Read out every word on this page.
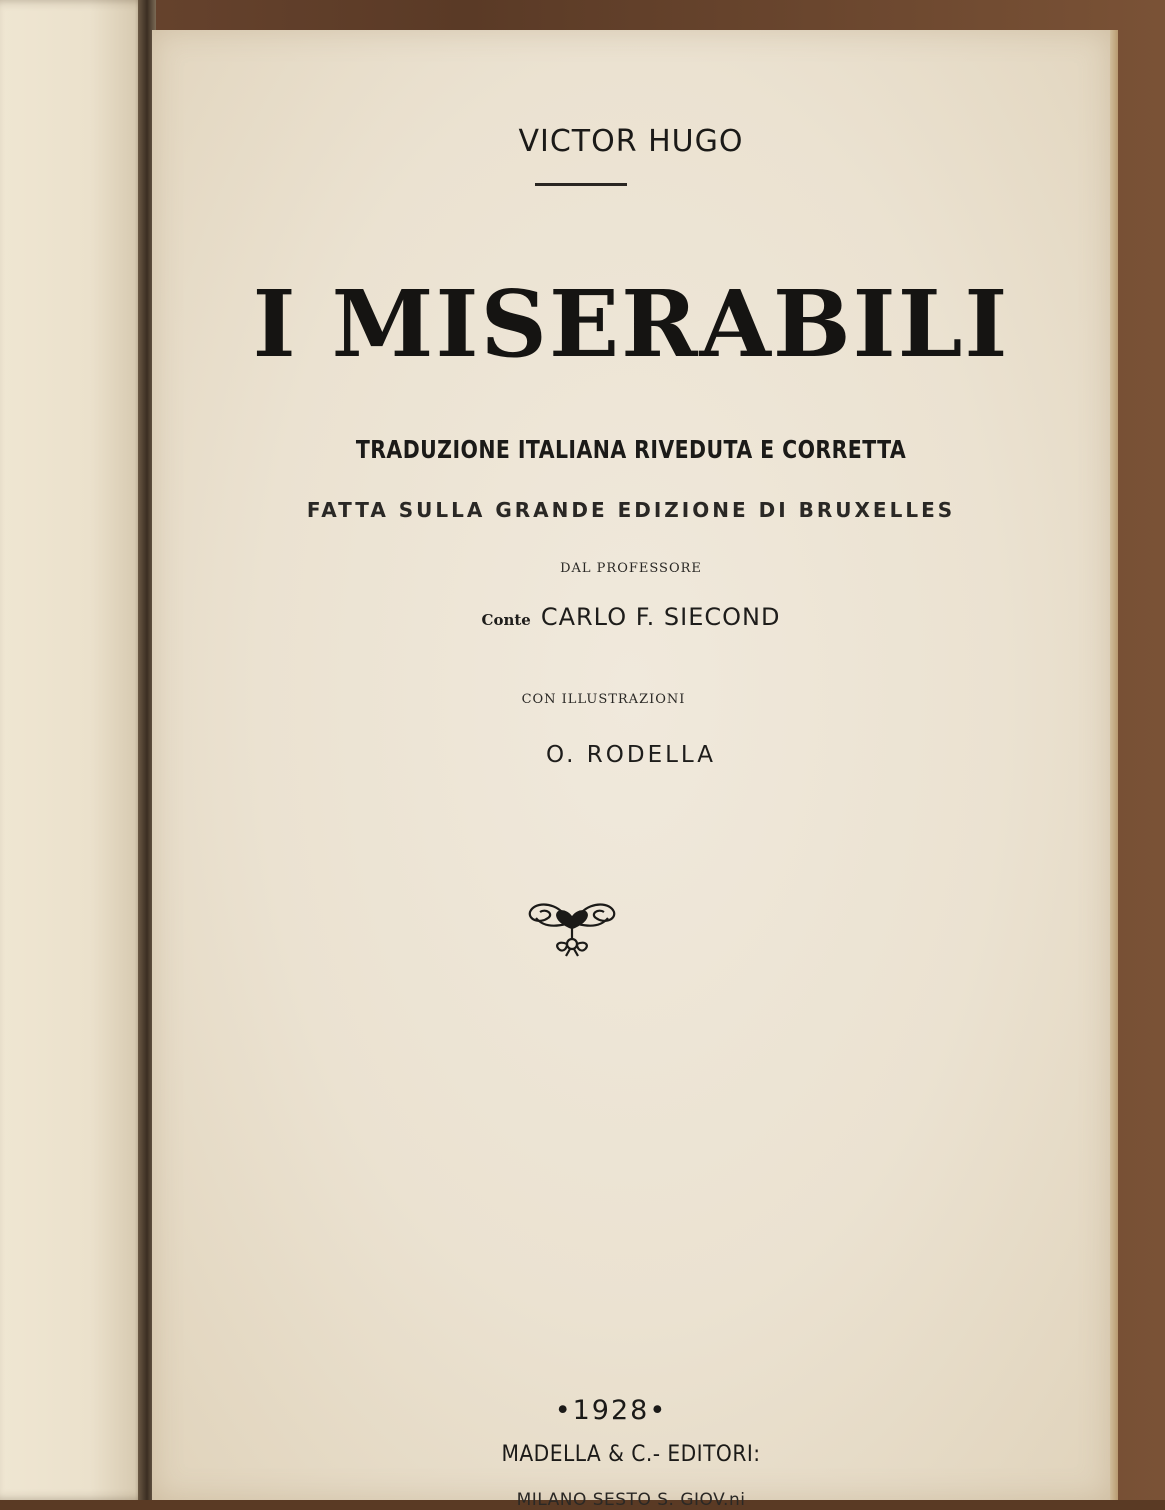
VICTOR HUGO
I MISERABILI
TRADUZIONE ITALIANA RIVEDUTA E CORRETTA
FATTA SULLA GRANDE EDIZIONE DI BRUXELLES
DAL PROFESSORE
Conte CARLO F. SIECOND
CON ILLUSTRAZIONI
O. RODELLA
•1928•
MADELLA & C.- EDITORI:
MILANO SESTO S. GIOV.ni
